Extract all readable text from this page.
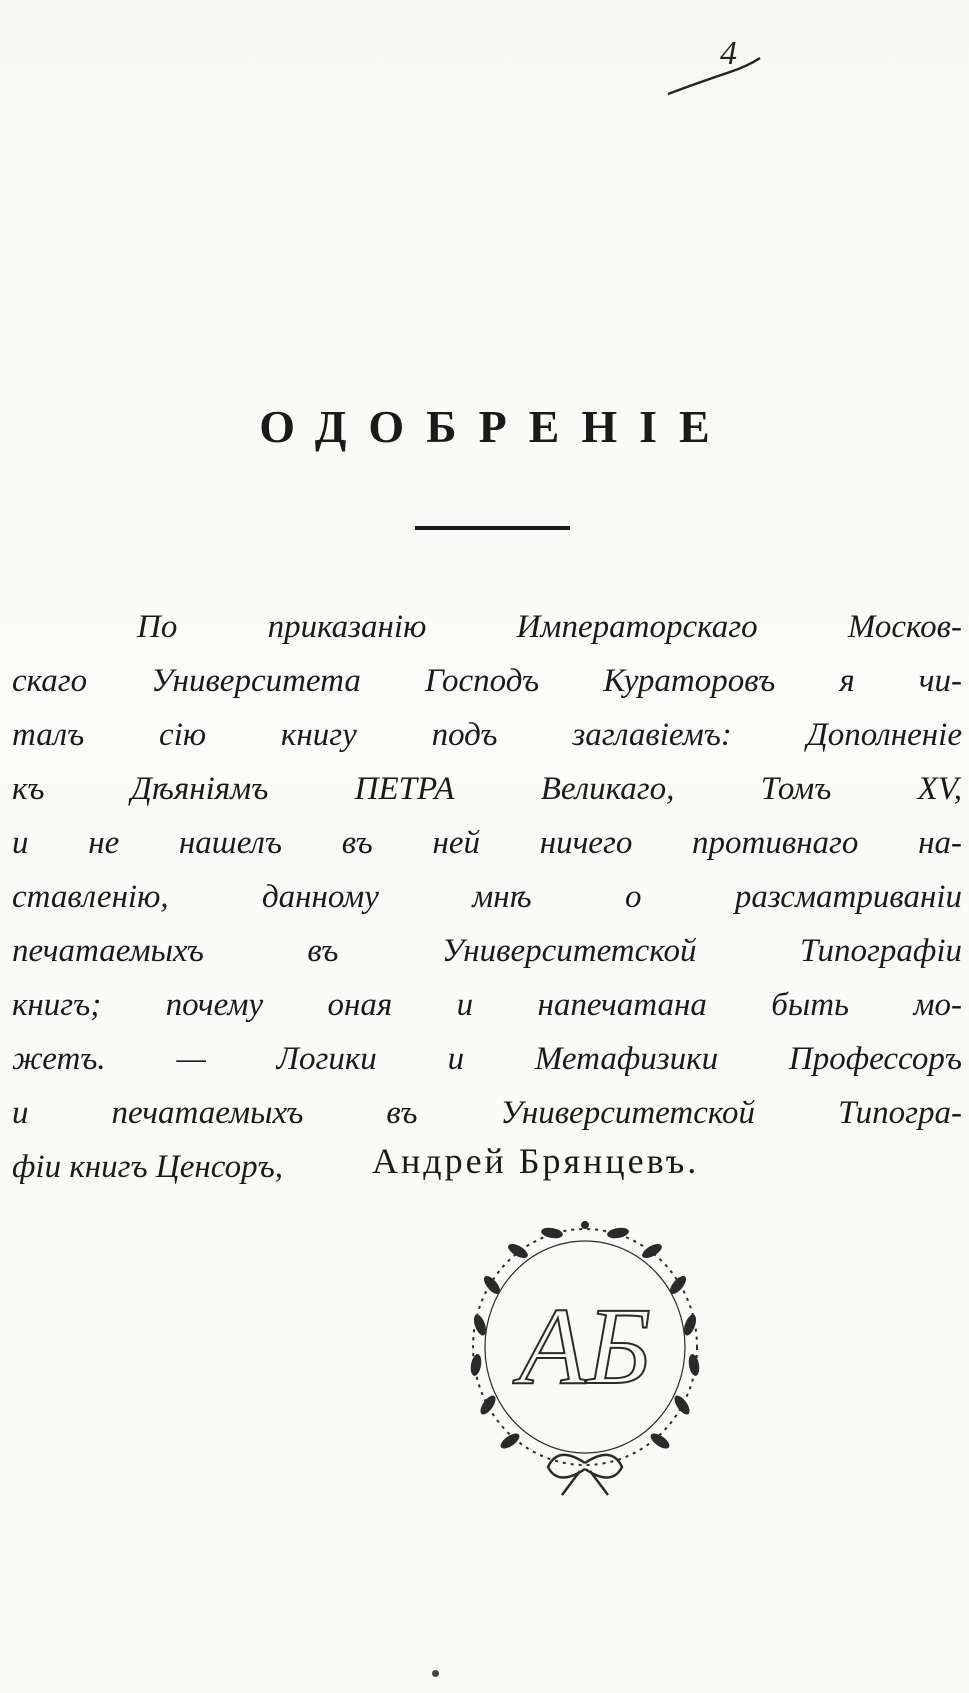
4
ОДОБРЕНІЕ
По приказанію Императорскаго Москов-
скаго Университета Господъ Кураторовъ я чи-
талъ сію книгу подъ заглавіемъ: Дополненіе
къ Дѣяніямъ ПЕТРА Великаго, Томъ XV,
и не нашелъ въ ней ничего противнаго на-
ставленію, данному мнѣ о разсматриваніи
печатаемыхъ въ Университетской Типографіи
книгъ; почему оная и напечатана быть мо-
жетъ. — Логики и Метафизики Профессоръ
и печатаемыхъ въ Университетской Типогра-
фіи книгъ Ценсоръ,	Андрей Брянцевъ.
АБ
